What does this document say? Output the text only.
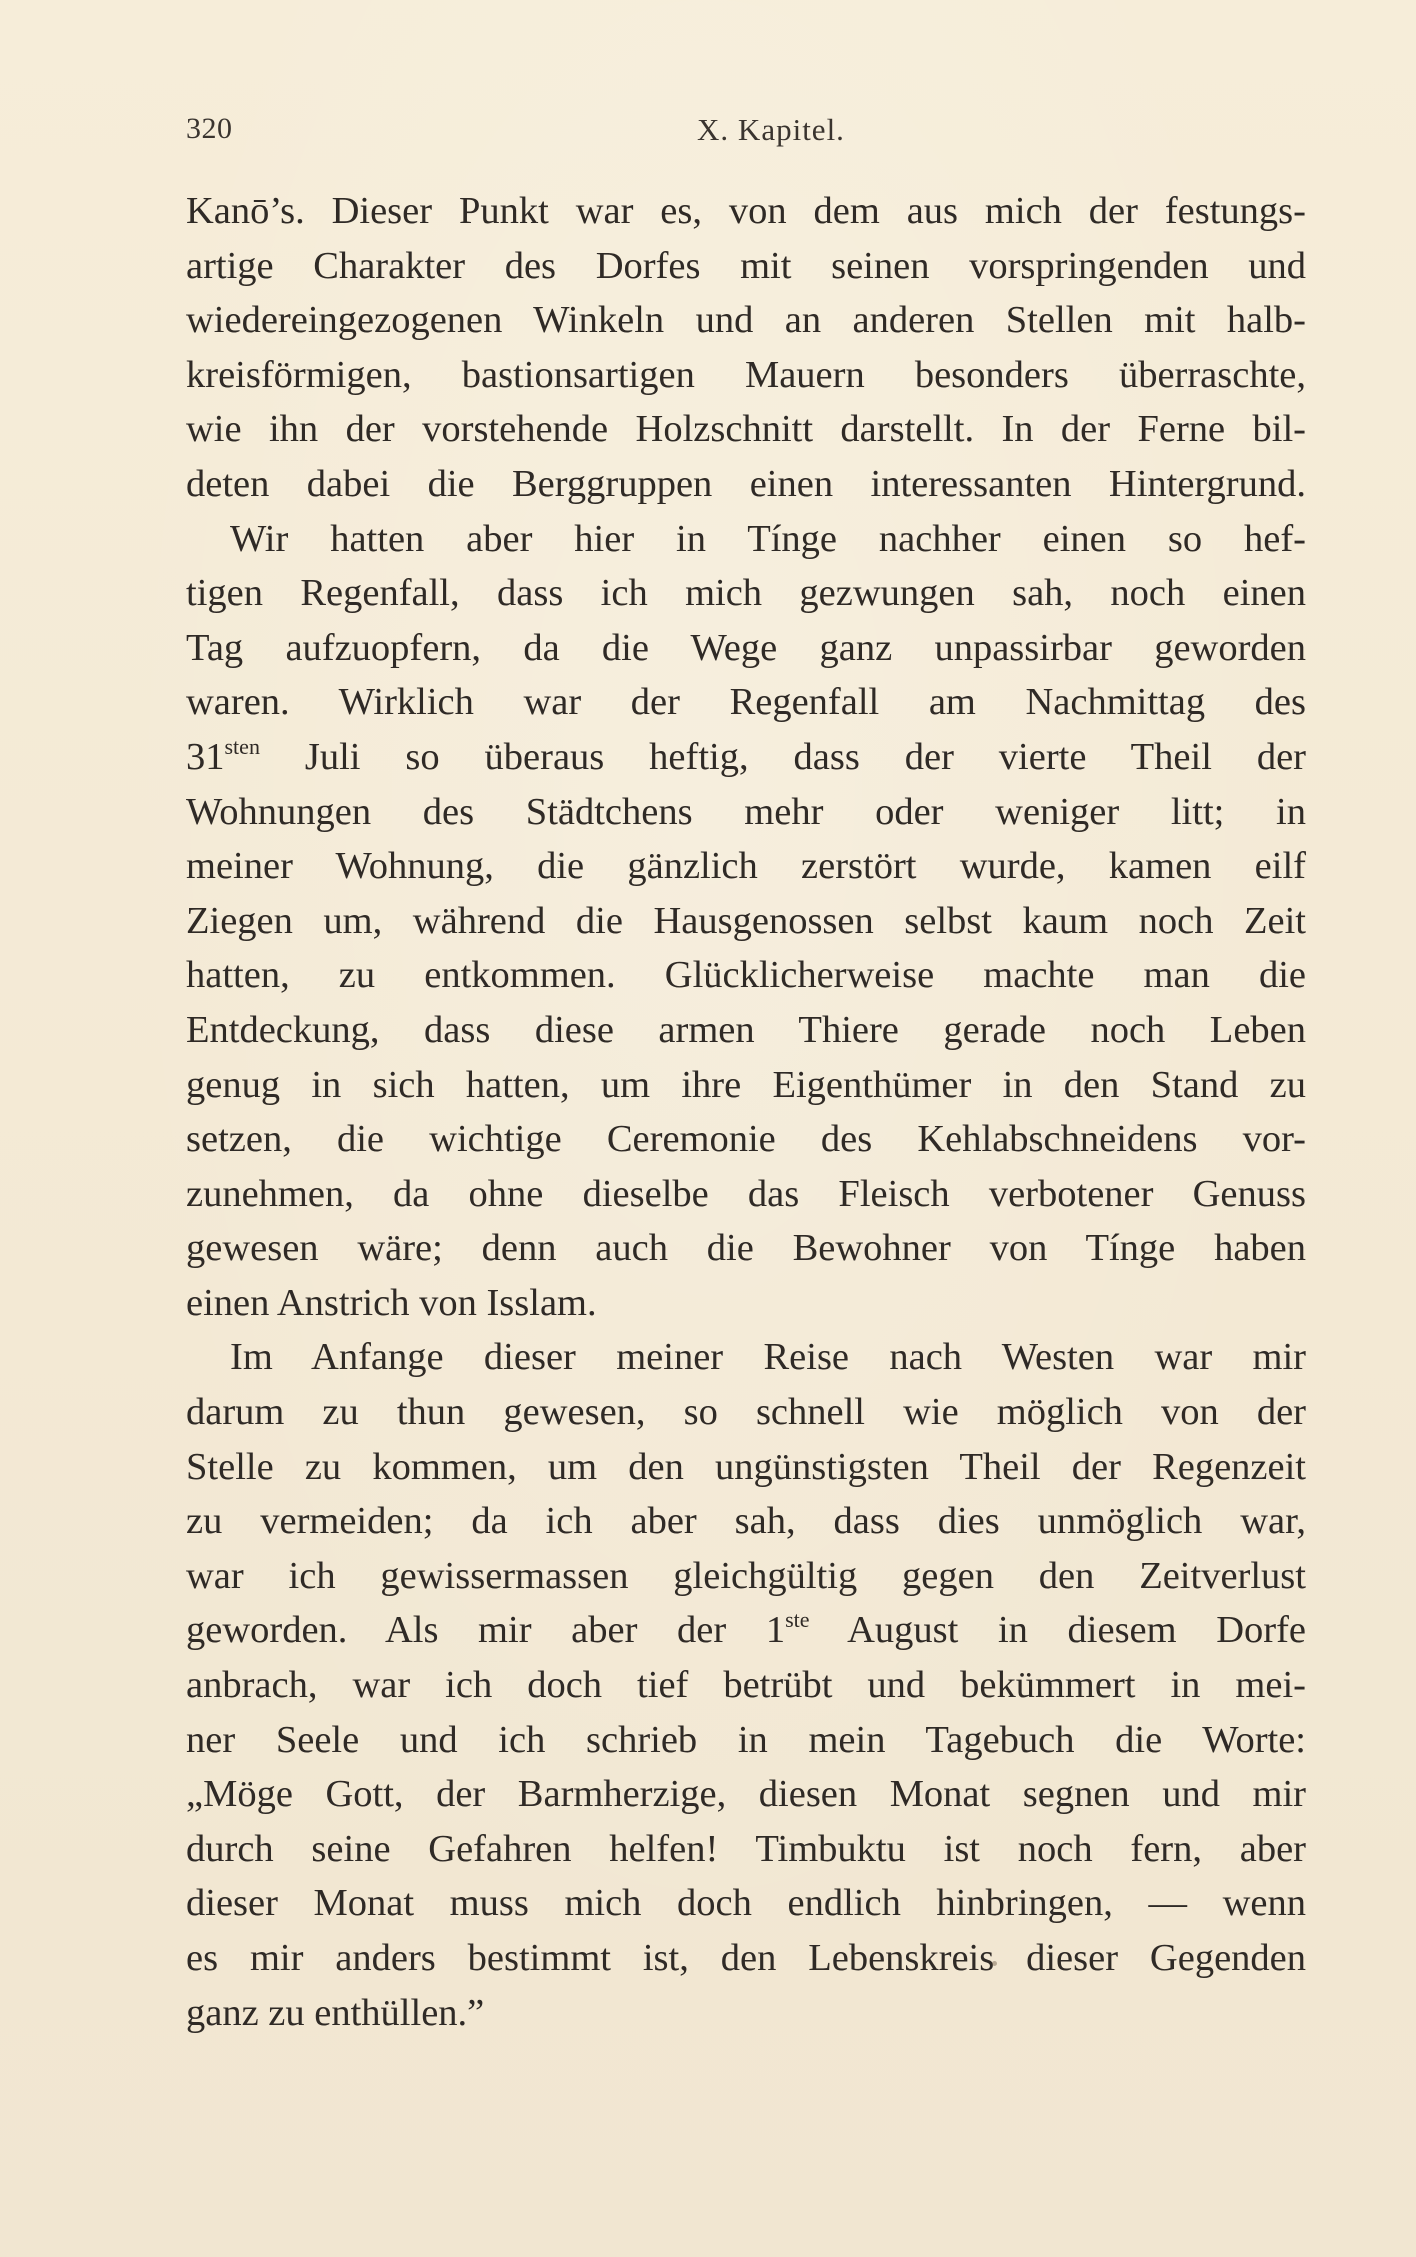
320	X. Kapitel.
Kanō’s. Dieser Punkt war es, von dem aus mich der festungs-
artige Charakter des Dorfes mit seinen vorspringenden und
wiedereingezogenen Winkeln und an anderen Stellen mit halb-
kreisförmigen, bastionsartigen Mauern besonders überraschte,
wie ihn der vorstehende Holzschnitt darstellt. In der Ferne bil-
deten dabei die Berggruppen einen interessanten Hintergrund.
Wir hatten aber hier in Tínge nachher einen so hef-
tigen Regenfall, dass ich mich gezwungen sah, noch einen
Tag aufzuopfern, da die Wege ganz unpassirbar geworden
waren. Wirklich war der Regenfall am Nachmittag des
$31^{sten}$ Juli so überaus heftig, dass der vierte Theil der
Wohnungen des Städtchens mehr oder weniger litt; in
meiner Wohnung, die gänzlich zerstört wurde, kamen eilf
Ziegen um, während die Hausgenossen selbst kaum noch Zeit
hatten, zu entkommen. Glücklicherweise machte man die
Entdeckung, dass diese armen Thiere gerade noch Leben
genug in sich hatten, um ihre Eigenthümer in den Stand zu
setzen, die wichtige Ceremonie des Kehlabschneidens vor-
zunehmen, da ohne dieselbe das Fleisch verbotener Genuss
gewesen wäre; denn auch die Bewohner von Tínge haben
einen Anstrich von Isslam.
Im Anfange dieser meiner Reise nach Westen war mir
darum zu thun gewesen, so schnell wie möglich von der
Stelle zu kommen, um den ungünstigsten Theil der Regenzeit
zu vermeiden; da ich aber sah, dass dies unmöglich war,
war ich gewissermassen gleichgültig gegen den Zeitverlust
geworden. Als mir aber der 1ste August in diesem Dorfe
anbrach, war ich doch tief betrübt und bekümmert in mei-
ner Seele und ich schrieb in mein Tagebuch die Worte:
„Möge Gott, der Barmherzige, diesen Monat segnen und mir
durch seine Gefahren helfen! Timbuktu ist noch fern, aber
dieser Monat muss mich doch endlich hinbringen, — wenn
es mir anders bestimmt ist, den Lebenskreis dieser Gegenden
ganz zu enthüllen.”
